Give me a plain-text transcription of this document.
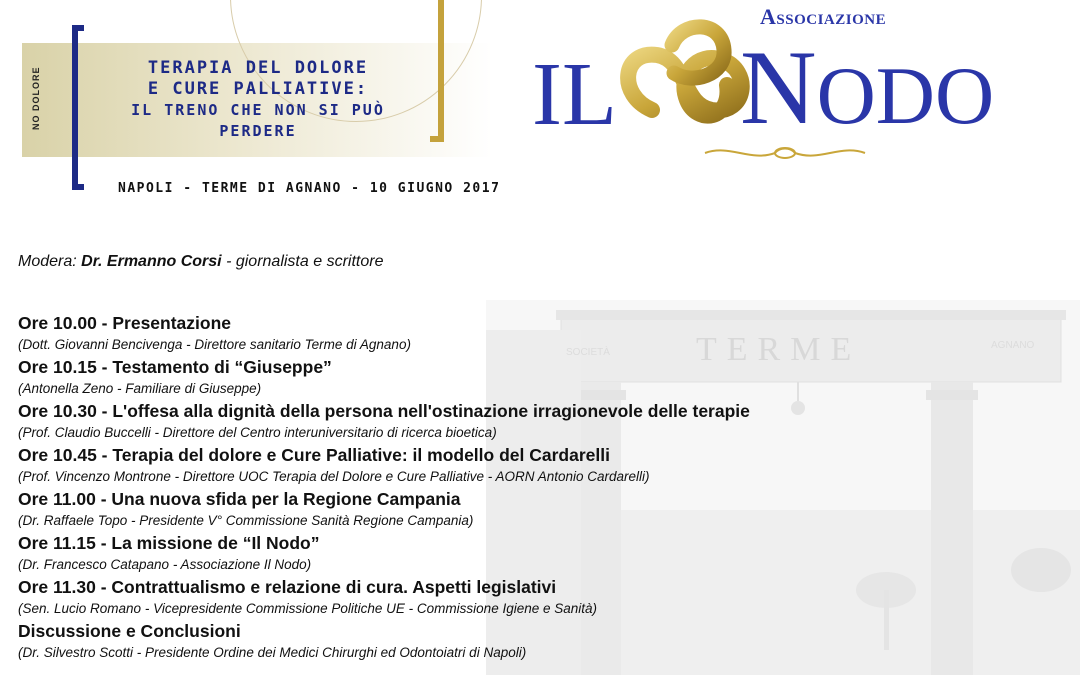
TERME
SOCIETÀ
AGNANO
NO DOLORE	TERAPIA DEL DOLORE
E CURE PALLIATIVE:
IL TRENO CHE NON SI PUÒ
PERDERE
NAPOLI - TERME DI AGNANO - 10 GIUGNO 2017
Associazione
IL NODO
Modera: Dr. Ermanno Corsi - giornalista e scrittore
Ore 10.00 - Presentazione
(Dott. Giovanni Bencivenga - Direttore sanitario Terme di Agnano)
Ore 10.15 - Testamento di “Giuseppe”
(Antonella Zeno - Familiare di Giuseppe)
Ore 10.30 - L'offesa alla dignità della persona nell'ostinazione irragionevole delle terapie
(Prof. Claudio Buccelli - Direttore del Centro interuniversitario di ricerca bioetica)
Ore 10.45 - Terapia del dolore e Cure Palliative: il modello del Cardarelli
(Prof. Vincenzo Montrone - Direttore UOC Terapia del Dolore e Cure Palliative - AORN Antonio Cardarelli)
Ore 11.00 - Una nuova sfida per la Regione Campania
(Dr. Raffaele Topo - Presidente V° Commissione Sanità Regione Campania)
Ore 11.15 - La missione de “Il Nodo”
(Dr. Francesco Catapano - Associazione Il Nodo)
Ore 11.30 - Contrattualismo e relazione di cura. Aspetti legislativi
(Sen. Lucio Romano - Vicepresidente Commissione Politiche UE - Commissione Igiene e Sanità)
Discussione e Conclusioni
(Dr. Silvestro Scotti - Presidente Ordine dei Medici Chirurghi ed Odontoiatri di Napoli)
